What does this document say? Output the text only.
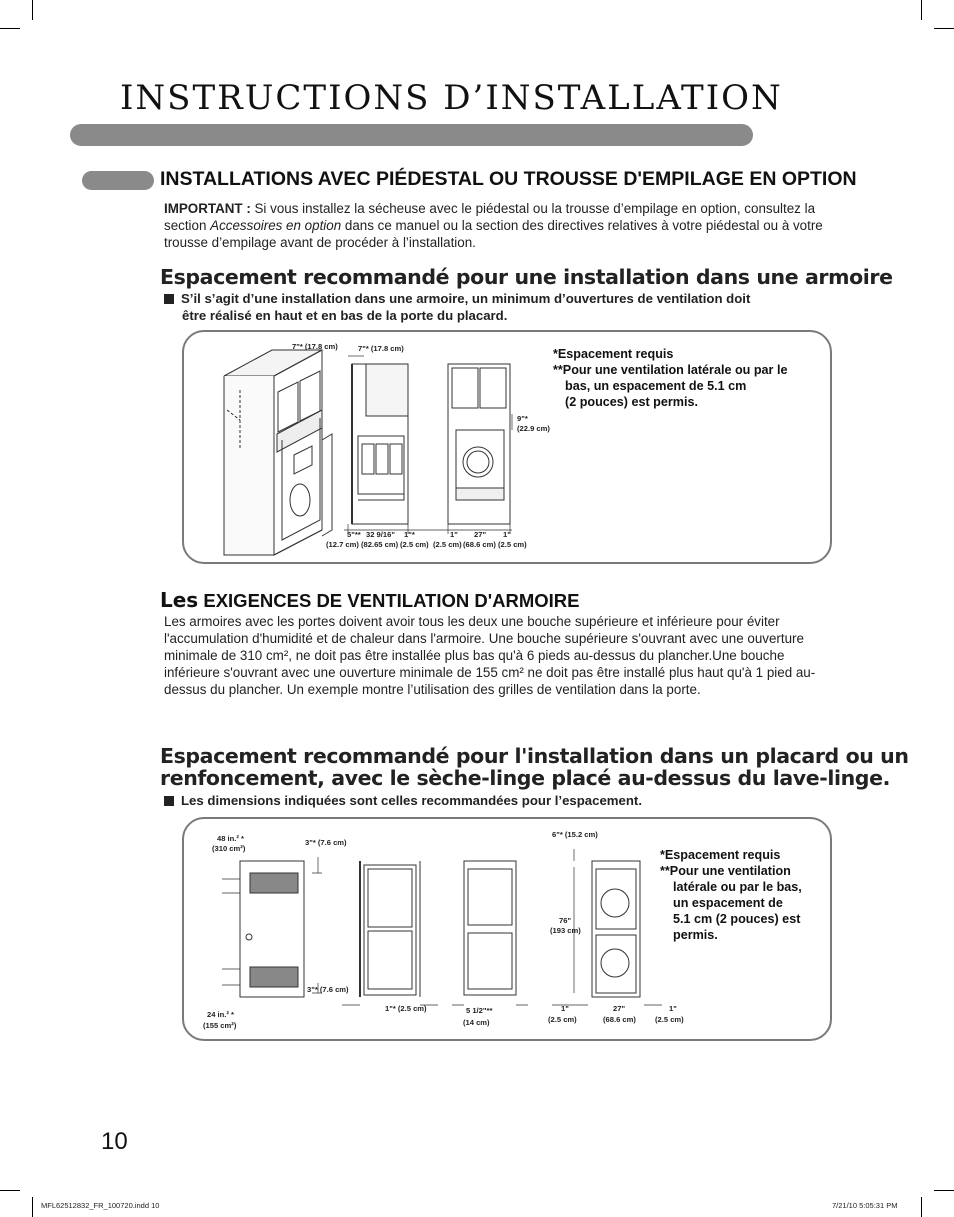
INSTRUCTIONS D’INSTALLATION
INSTALLATIONS AVEC PIÉDESTAL OU TROUSSE D'EMPILAGE EN OPTION
IMPORTANT : Si vous installez la sécheuse avec le piédestal ou la trousse d’empilage en option, consultez la section Accessoires en option dans ce manuel ou la section des directives relatives à votre piédestal ou à votre trousse d’empilage avant de procéder à l’installation.
Espacement recommandé pour une installation dans une armoire
S’il s’agit d’une installation dans une armoire, un minimum d’ouvertures de ventilation doit
être réalisé en haut et en bas de la porte du placard.
7"* (17.8 cm)	7"* (17.8 cm)
9"*
(22.9 cm)
5"**
(12.7 cm)
32 9/16"
(82.65 cm)
1"*
(2.5 cm)
1"
(2.5 cm)
27"
(68.6 cm)
1"
(2.5 cm)
*Espacement requis
**Pour une ventilation latérale ou par le
bas, un espacement de 5.1 cm
(2 pouces) est permis.
Les EXIGENCES DE VENTILATION D'ARMOIRE
Les armoires avec les portes doivent avoir tous les deux une bouche supérieure et inférieure pour éviter l'accumulation d'humidité et de chaleur dans l'armoire. Une bouche supérieure s'ouvrant avec une ouverture minimale de 310 cm², ne doit pas être installée plus bas qu'à 6 pieds au-dessus du plancher.Une bouche inférieure s'ouvrant avec une ouverture minimale de 155 cm² ne doit pas être installé plus haut qu'à 1 pied au-dessus du plancher. Un exemple montre l’utilisation des grilles de ventilation dans la porte.
Espacement recommandé pour l'installation dans un placard ou un
renfoncement, avec le sèche-linge placé au-dessus du lave-linge.
Les dimensions indiquées sont celles recommandées pour l’espacement.
48 in.² *
(310 cm²)
24 in.² *
(155 cm²)
3"* (7.6 cm)
3"* (7.6 cm)
1"* (2.5 cm)	5 1/2"**
(14 cm)
6"* (15.2 cm)
76"
(193 cm)
1"
(2.5 cm)
27"
(68.6 cm)
1"
(2.5 cm)
*Espacement requis
**Pour une ventilation
latérale ou par le bas,
un espacement de
5.1 cm (2 pouces) est
permis.
10
MFL62512832_FR_100720.indd 10	7/21/10 5:05:31 PM
